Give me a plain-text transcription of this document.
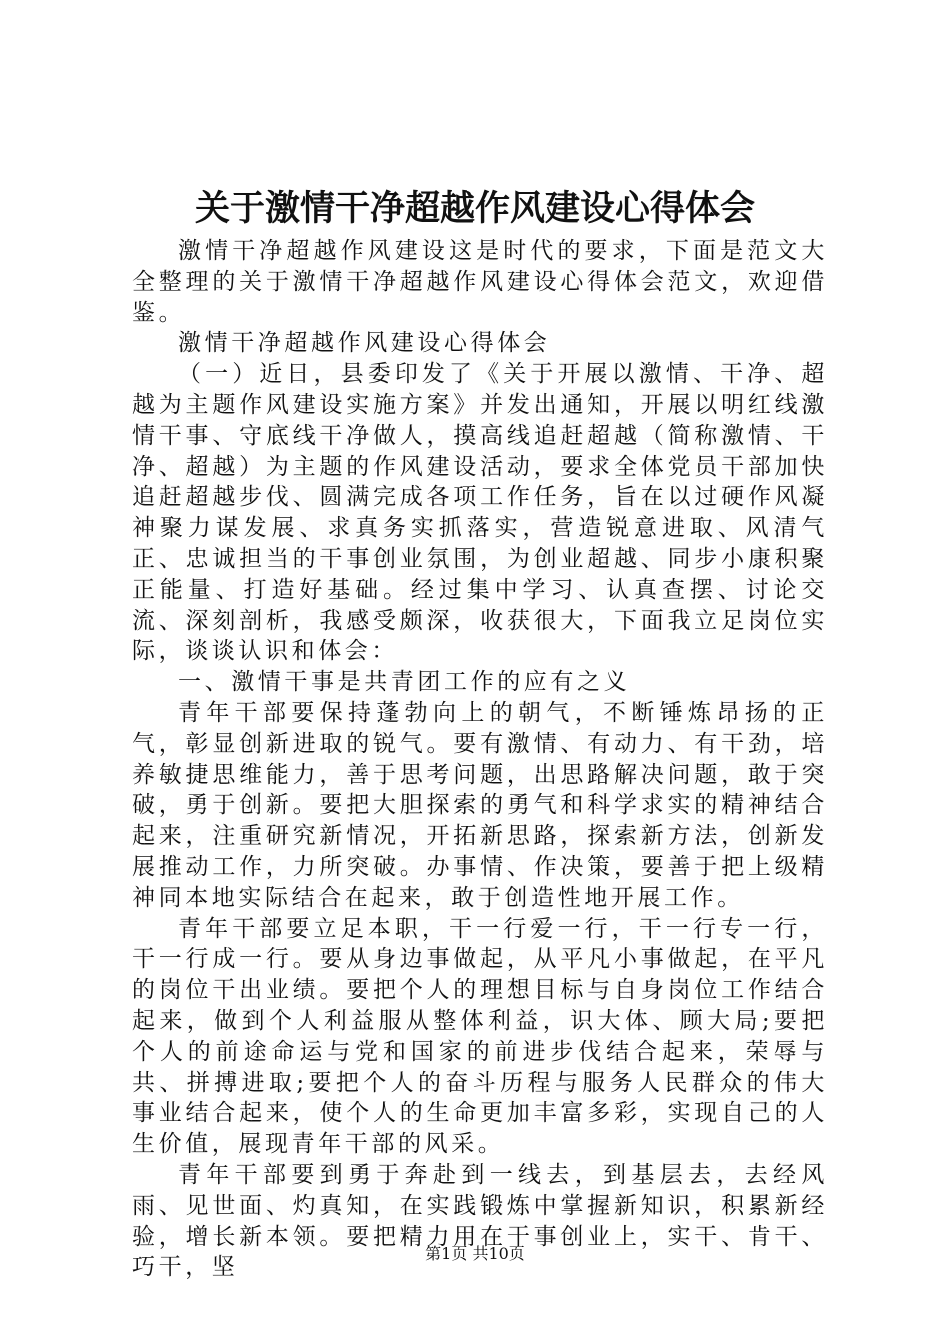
关于激情干净超越作风建设心得体会

激情干净超越作风建设这是时代的要求，下面是范文大全整理的关于激情干净超越作风建设心得体会范文，欢迎借鉴。

激情干净超越作风建设心得体会

（一）近日，县委印发了《关于开展以激情、干净、超越为主题作风建设实施方案》并发出通知，开展以明红线激情干事、守底线干净做人，摸高线追赶超越（简称激情、干净、超越）为主题的作风建设活动，要求全体党员干部加快追赶超越步伐、圆满完成各项工作任务，旨在以过硬作风凝神聚力谋发展、求真务实抓落实，营造锐意进取、风清气正、忠诚担当的干事创业氛围，为创业超越、同步小康积聚正能量、打造好基础。经过集中学习、认真查摆、讨论交流、深刻剖析，我感受颇深，收获很大，下面我立足岗位实际，谈谈认识和体会：

一、激情干事是共青团工作的应有之义

青年干部要保持蓬勃向上的朝气，不断锤炼昂扬的正气，彰显创新进取的锐气。要有激情、有动力、有干劲，培养敏捷思维能力，善于思考问题，出思路解决问题，敢于突破，勇于创新。要把大胆探索的勇气和科学求实的精神结合起来，注重研究新情况，开拓新思路，探索新方法，创新发展推动工作，力所突破。办事情、作决策，要善于把上级精神同本地实际结合在起来，敢于创造性地开展工作。

青年干部要立足本职，干一行爱一行，干一行专一行，干一行成一行。要从身边事做起，从平凡小事做起，在平凡的岗位干出业绩。要把个人的理想目标与自身岗位工作结合起来，做到个人利益服从整体利益，识大体、顾大局;要把个人的前途命运与党和国家的前进步伐结合起来，荣辱与共、拼搏进取;要把个人的奋斗历程与服务人民群众的伟大事业结合起来，使个人的生命更加丰富多彩，实现自己的人生价值，展现青年干部的风采。

青年干部要到勇于奔赴到一线去，到基层去，去经风雨、见世面、灼真知，在实践锻炼中掌握新知识，积累新经验，增长新本领。要把精力用在干事创业上，实干、肯干、巧干，坚

第1页 共10页
